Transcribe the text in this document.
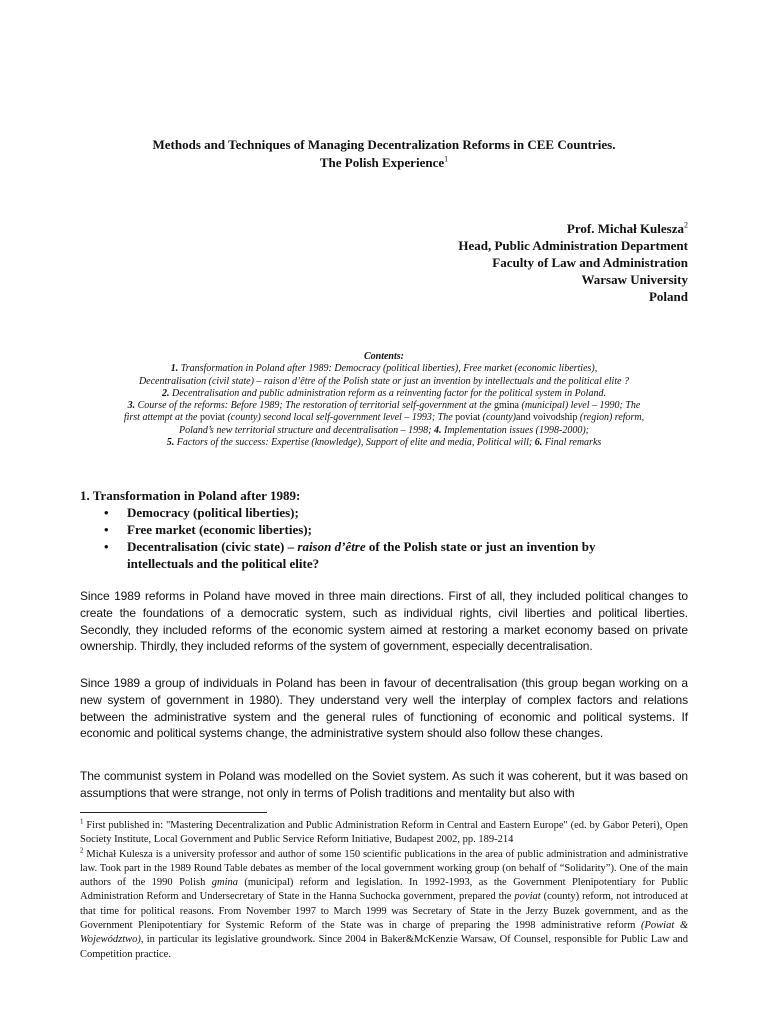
Methods and Techniques of Managing Decentralization Reforms in CEE Countries.
The Polish Experience$^1$
Prof. Michał Kulesza$^2$
Head, Public Administration Department
Faculty of Law and Administration
Warsaw University
Poland
Contents:
1. Transformation in Poland after 1989: Democracy (political liberties), Free market (economic liberties),
Decentralisation (civil state) – raison d’être of the Polish state or just an invention by intellectuals and the political elite ?
2. Decentralisation and public administration reform as a reinventing factor for the political system in Poland.
3. Course of the reforms: Before 1989; The restoration of territorial self-government at the gmina (municipal) level – 1990; The
first attempt at the poviat (county) second local self-government level – 1993; The poviat (county)and voivodship (region) reform,
Poland’s new territorial structure and decentralisation – 1998; 4. Implementation issues (1998-2000);
5. Factors of the success: Expertise (knowledge), Support of elite and media, Political will; 6. Final remarks
1. Transformation in Poland after 1989:
•	Democracy (political liberties);
•	Free market (economic liberties);
•	Decentralisation (civic state) – raison d’être of the Polish state or just an invention by intellectuals and the political elite?
Since 1989 reforms in Poland have moved in three main directions. First of all, they included political changes to create the foundations of a democratic system, such as individual rights, civil liberties and political liberties. Secondly, they included reforms of the economic system aimed at restoring a market economy based on private ownership. Thirdly, they included reforms of the system of government, especially decentralisation.
Since 1989 a group of individuals in Poland has been in favour of decentralisation (this group began working on a new system of government in 1980). They understand very well the interplay of complex factors and relations between the administrative system and the general rules of functioning of economic and political systems. If economic and political systems change, the administrative system should also follow these changes.
The communist system in Poland was modelled on the Soviet system. As such it was coherent, but it was based on assumptions that were strange, not only in terms of Polish traditions and mentality but also with
$^1$ First published in: "Mastering Decentralization and Public Administration Reform in Central and Eastern Europe" (ed. by Gabor Peteri), Open Society Institute, Local Government and Public Service Reform Initiative, Budapest 2002, pp. 189-214
$^2$ Michał Kulesza is a university professor and author of some 150 scientific publications in the area of public administration and administrative law. Took part in the 1989 Round Table debates as member of the local government working group (on behalf of “Solidarity”). One of the main authors of the 1990 Polish gmina (municipal) reform and legislation. In 1992-1993, as the Government Plenipotentiary for Public Administration Reform and Undersecretary of State in the Hanna Suchocka government, prepared the poviat (county) reform, not introduced at that time for political reasons. From November 1997 to March 1999 was Secretary of State in the Jerzy Buzek government, and as the Government Plenipotentiary for Systemic Reform of the State was in charge of preparing the 1998 administrative reform (Powiat & Województwo), in particular its legislative groundwork. Since 2004 in Baker&McKenzie Warsaw, Of Counsel, responsible for Public Law and Competition practice.
